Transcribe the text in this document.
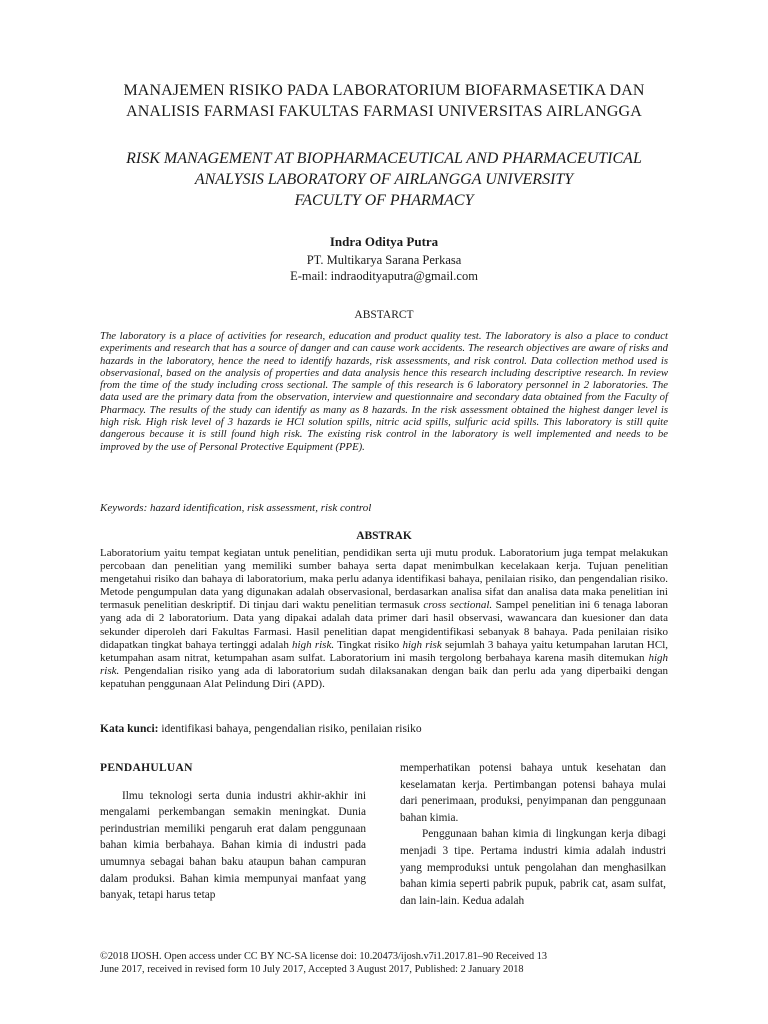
MANAJEMEN RISIKO PADA LABORATORIUM BIOFARMASETIKA DAN
ANALISIS FARMASI FAKULTAS FARMASI UNIVERSITAS AIRLANGGA
RISK MANAGEMENT AT BIOPHARMACEUTICAL AND PHARMACEUTICAL
ANALYSIS LABORATORY OF AIRLANGGA UNIVERSITY
FACULTY OF PHARMACY
Indra Oditya Putra
PT. Multikarya Sarana Perkasa
E-mail: indraodityaputra@gmail.com
ABSTARCT

The laboratory is a place of activities for research, education and product quality test. The laboratory is also a place to conduct experiments and research that has a source of danger and can cause work accidents. The research objectives are aware of risks and hazards in the laboratory, hence the need to identify hazards, risk assessments, and risk control. Data collection method used is observasional, based on the analysis of properties and data analysis hence this research including descriptive research. In review from the time of the study including cross sectional. The sample of this research is 6 laboratory personnel in 2 laboratories. The data used are the primary data from the observation, interview and questionnaire and secondary data obtained from the Faculty of Pharmacy. The results of the study can identify as many as 8 hazards. In the risk assessment obtained the highest danger level is high risk. High risk level of 3 hazards ie HCl solution spills, nitric acid spills, sulfuric acid spills. This laboratory is still quite dangerous because it is still found high risk. The existing risk control in the laboratory is well implemented and needs to be improved by the use of Personal Protective Equipment (PPE).

Keywords: hazard identification, risk assessment, risk control

ABSTRAK

Laboratorium yaitu tempat kegiatan untuk penelitian, pendidikan serta uji mutu produk. Laboratorium juga tempat melakukan percobaan dan penelitian yang memiliki sumber bahaya serta dapat menimbulkan kecelakaan kerja. Tujuan penelitian mengetahui risiko dan bahaya di laboratorium, maka perlu adanya identifikasi bahaya, penilaian risiko, dan pengendalian risiko. Metode pengumpulan data yang digunakan adalah observasional, berdasarkan analisa sifat dan analisa data maka penelitian ini termasuk penelitian deskriptif. Di tinjau dari waktu penelitian termasuk cross sectional. Sampel penelitian ini 6 tenaga laboran yang ada di 2 laboratorium. Data yang dipakai adalah data primer dari hasil observasi, wawancara dan kuesioner dan data sekunder diperoleh dari Fakultas Farmasi. Hasil penelitian dapat mengidentifikasi sebanyak 8 bahaya. Pada penilaian risiko didapatkan tingkat bahaya tertinggi adalah high risk. Tingkat risiko high risk sejumlah 3 bahaya yaitu ketumpahan larutan HCl, ketumpahan asam nitrat, ketumpahan asam sulfat. Laboratorium ini masih tergolong berbahaya karena masih ditemukan high risk. Pengendalian risiko yang ada di laboratorium sudah dilaksanakan dengan baik dan perlu ada yang diperbaiki dengan kepatuhan penggunaan Alat Pelindung Diri (APD).

Kata kunci: identifikasi bahaya, pengendalian risiko, penilaian risiko

PENDAHULUAN

Ilmu teknologi serta dunia industri akhir-akhir ini mengalami perkembangan semakin meningkat. Dunia perindustrian memiliki pengaruh erat dalam penggunaan bahan kimia berbahaya. Bahan kimia di industri pada umumnya sebagai bahan baku ataupun bahan campuran dalam produksi. Bahan kimia mempunyai manfaat yang banyak, tetapi harus tetap

memperhatikan potensi bahaya untuk kesehatan dan keselamatan kerja. Pertimbangan potensi bahaya mulai dari penerimaan, produksi, penyimpanan dan penggunaan bahan kimia.

Penggunaan bahan kimia di lingkungan kerja dibagi menjadi 3 tipe. Pertama industri kimia adalah industri yang memproduksi untuk pengolahan dan menghasilkan bahan kimia seperti pabrik pupuk, pabrik cat, asam sulfat, dan lain-lain. Kedua adalah

©2018 IJOSH. Open access under CC BY NC-SA license doi: 10.20473/ijosh.v7i1.2017.81–90 Received 13
June 2017, received in revised form 10 July 2017, Accepted 3 August 2017, Published: 2 January 2018
